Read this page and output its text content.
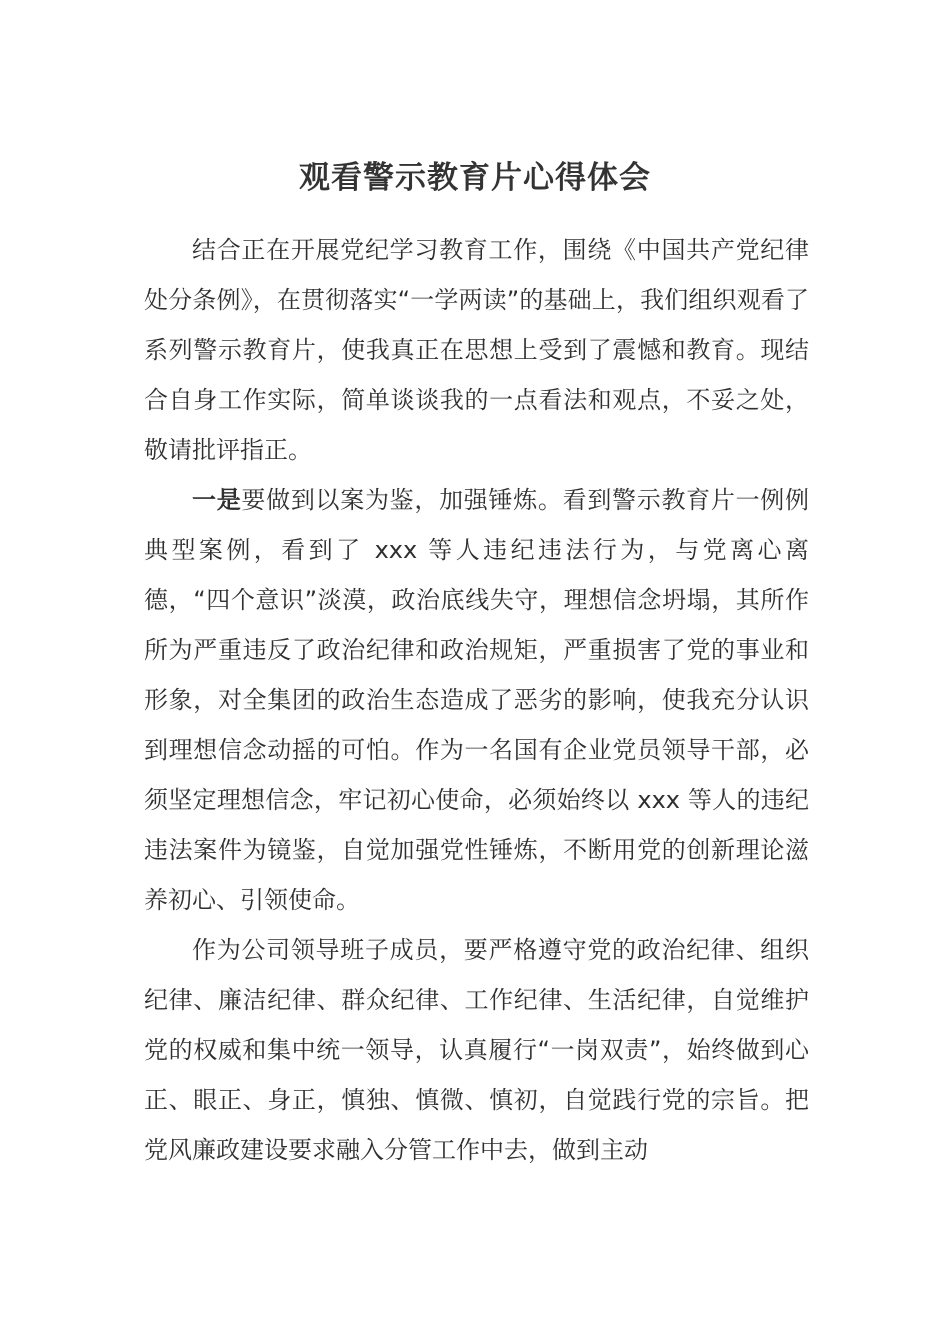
观看警示教育片心得体会

结合正在开展党纪学习教育工作，围绕《中国共产党纪律处分条例》，在贯彻落实“一学两读”的基础上，我们组织观看了系列警示教育片，使我真正在思想上受到了震憾和教育。现结合自身工作实际，简单谈谈我的一点看法和观点，不妥之处，敬请批评指正。

一是要做到以案为鉴，加强锤炼。看到警示教育片一例例典型案例，看到了 xxx 等人违纪违法行为，与党离心离德，“四个意识”淡漠，政治底线失守，理想信念坍塌，其所作所为严重违反了政治纪律和政治规矩，严重损害了党的事业和形象，对全集团的政治生态造成了恶劣的影响，使我充分认识到理想信念动摇的可怕。作为一名国有企业党员领导干部，必须坚定理想信念，牢记初心使命，必须始终以 xxx 等人的违纪违法案件为镜鉴，自觉加强党性锤炼，不断用党的创新理论滋养初心、引领使命。

作为公司领导班子成员，要严格遵守党的政治纪律、组织纪律、廉洁纪律、群众纪律、工作纪律、生活纪律，自觉维护党的权威和集中统一领导，认真履行“一岗双责”，始终做到心正、眼正、身正，慎独、慎微、慎初，自觉践行党的宗旨。把党风廉政建设要求融入分管工作中去，做到主动
